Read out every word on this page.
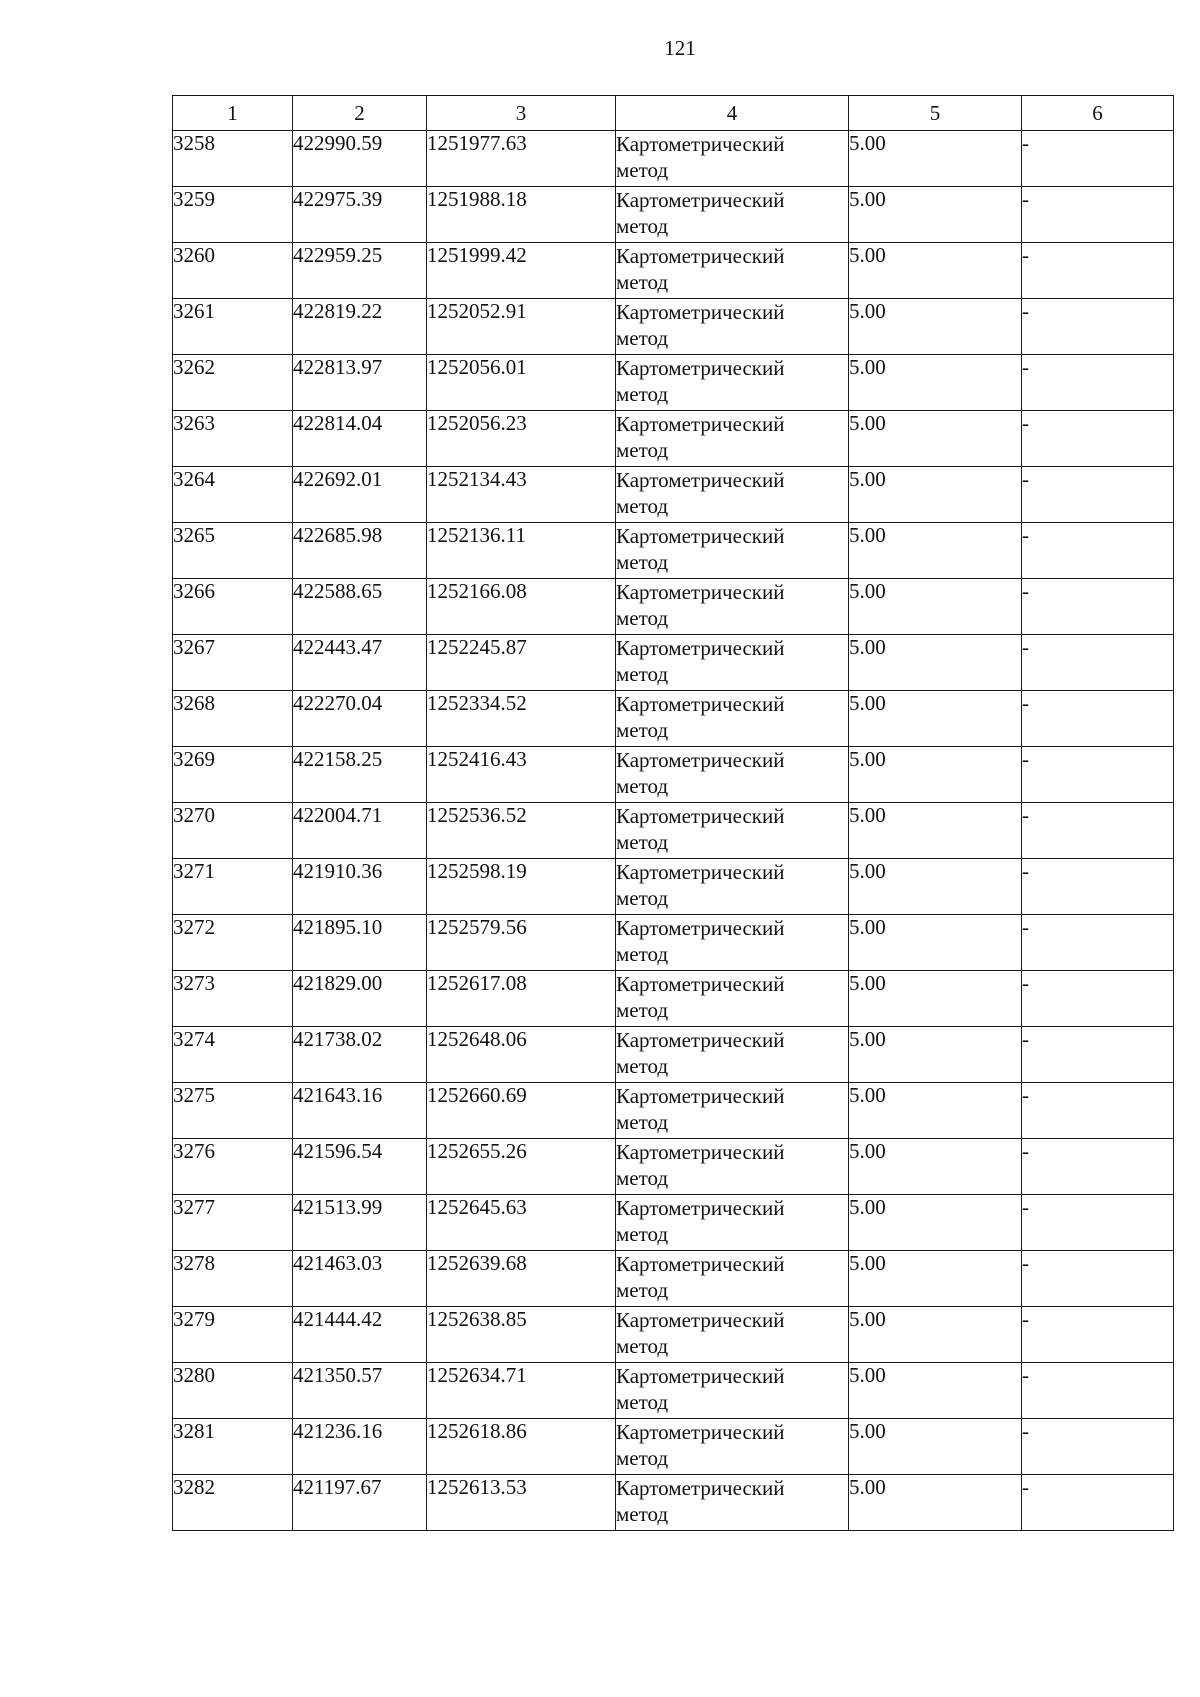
121
1	2	3	4	5	6
3258	422990.59	1251977.63	Картометрический
метод	5.00	-
3259	422975.39	1251988.18	Картометрический
метод	5.00	-
3260	422959.25	1251999.42	Картометрический
метод	5.00	-
3261	422819.22	1252052.91	Картометрический
метод	5.00	-
3262	422813.97	1252056.01	Картометрический
метод	5.00	-
3263	422814.04	1252056.23	Картометрический
метод	5.00	-
3264	422692.01	1252134.43	Картометрический
метод	5.00	-
3265	422685.98	1252136.11	Картометрический
метод	5.00	-
3266	422588.65	1252166.08	Картометрический
метод	5.00	-
3267	422443.47	1252245.87	Картометрический
метод	5.00	-
3268	422270.04	1252334.52	Картометрический
метод	5.00	-
3269	422158.25	1252416.43	Картометрический
метод	5.00	-
3270	422004.71	1252536.52	Картометрический
метод	5.00	-
3271	421910.36	1252598.19	Картометрический
метод	5.00	-
3272	421895.10	1252579.56	Картометрический
метод	5.00	-
3273	421829.00	1252617.08	Картометрический
метод	5.00	-
3274	421738.02	1252648.06	Картометрический
метод	5.00	-
3275	421643.16	1252660.69	Картометрический
метод	5.00	-
3276	421596.54	1252655.26	Картометрический
метод	5.00	-
3277	421513.99	1252645.63	Картометрический
метод	5.00	-
3278	421463.03	1252639.68	Картометрический
метод	5.00	-
3279	421444.42	1252638.85	Картометрический
метод	5.00	-
3280	421350.57	1252634.71	Картометрический
метод	5.00	-
3281	421236.16	1252618.86	Картометрический
метод	5.00	-
3282	421197.67	1252613.53	Картометрический
метод	5.00	-
